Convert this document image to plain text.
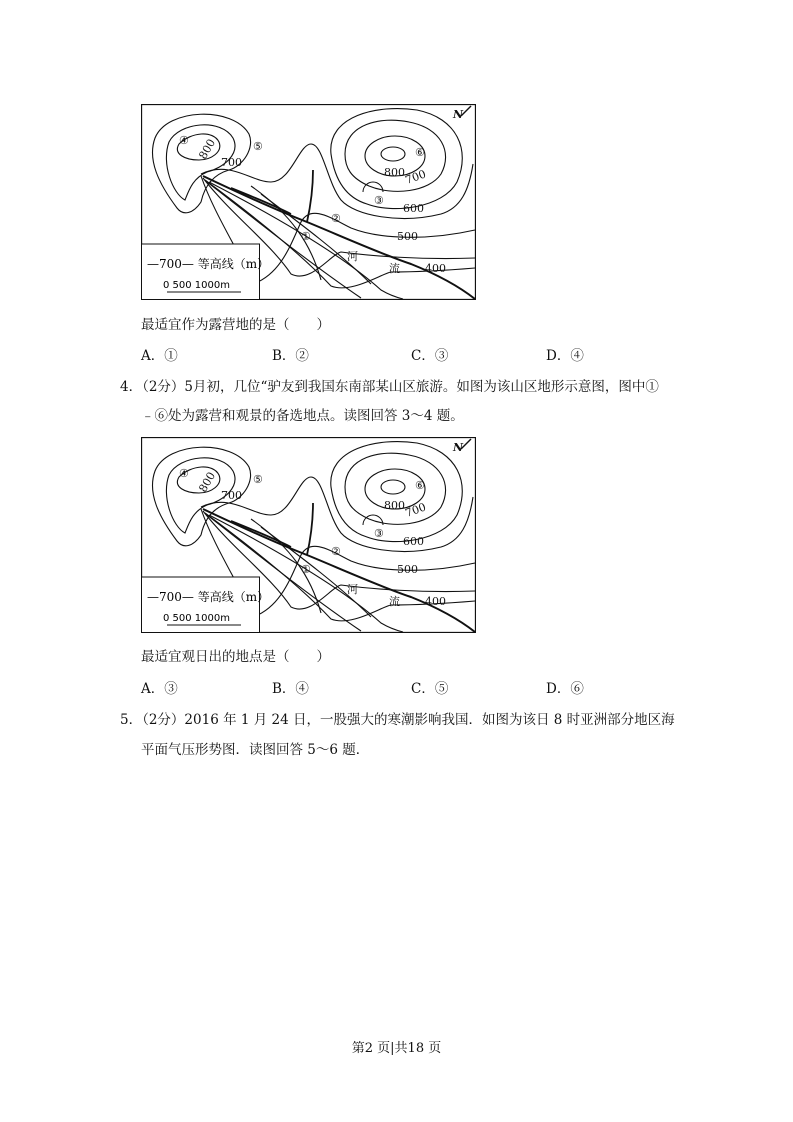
—700— 等高线（m）
0 500 1000m
④ 800
700
⑤	⑥
800
700
600
③
②
①	500
400
河
流
N
最适宜作为露营地的是（　　）
A．①	B．②	C．③	D．④
4．（2分）5月初，几位“驴友到我国东南部某山区旅游。如图为该山区地形示意图，图中①
﹣⑥处为露营和观景的备选地点。读图回答 3～4 题。
—700— 等高线（m）
0 500 1000m
④ 800
700
⑤	⑥
800
700
600
③
②
①	500
400
河
流
N
最适宜观日出的地点是（　　）
A．③	B．④	C．⑤	D．⑥
5．（2分）2016 年 1 月 24 日，一股强大的寒潮影响我国．如图为该日 8 时亚洲部分地区海
平面气压形势图．读图回答 5～6 题．
第2 页|共18 页
